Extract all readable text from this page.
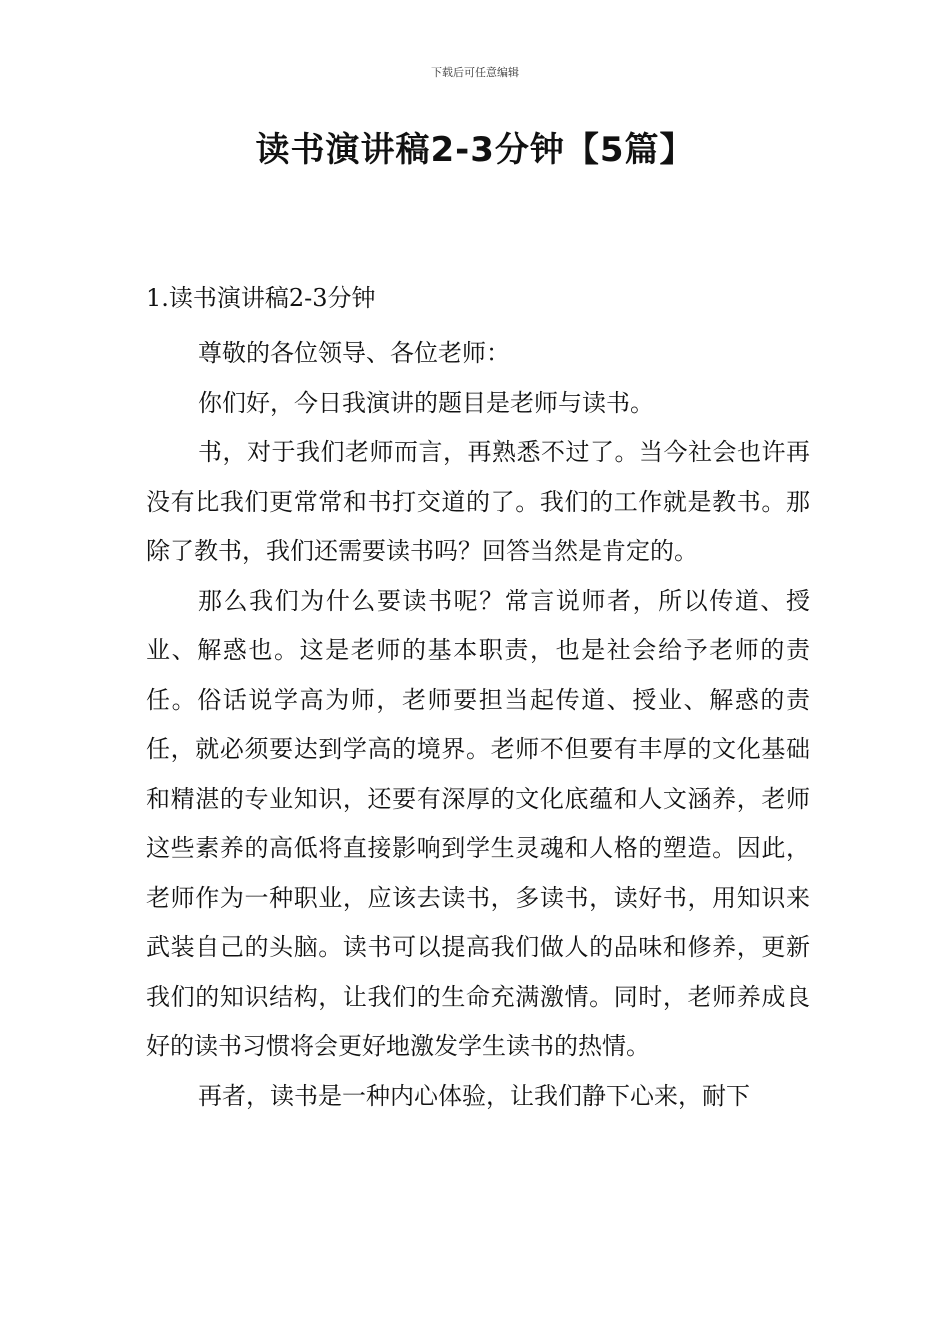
下载后可任意编辑
读书演讲稿2-3分钟【5篇】
1.读书演讲稿2-3分钟

尊敬的各位领导、各位老师：

你们好，今日我演讲的题目是老师与读书。

书，对于我们老师而言，再熟悉不过了。当今社会也许再没有比我们更常常和书打交道的了。我们的工作就是教书。那除了教书，我们还需要读书吗？回答当然是肯定的。

那么我们为什么要读书呢？常言说师者，所以传道、授业、解惑也。这是老师的基本职责，也是社会给予老师的责任。俗话说学高为师，老师要担当起传道、授业、解惑的责任，就必须要达到学高的境界。老师不但要有丰厚的文化基础和精湛的专业知识，还要有深厚的文化底蕴和人文涵养，老师这些素养的高低将直接影响到学生灵魂和人格的塑造。因此，老师作为一种职业，应该去读书，多读书，读好书，用知识来武装自己的头脑。读书可以提高我们做人的品味和修养，更新我们的知识结构，让我们的生命充满激情。同时，老师养成良好的读书习惯将会更好地激发学生读书的热情。

再者，读书是一种内心体验，让我们静下心来，耐下
